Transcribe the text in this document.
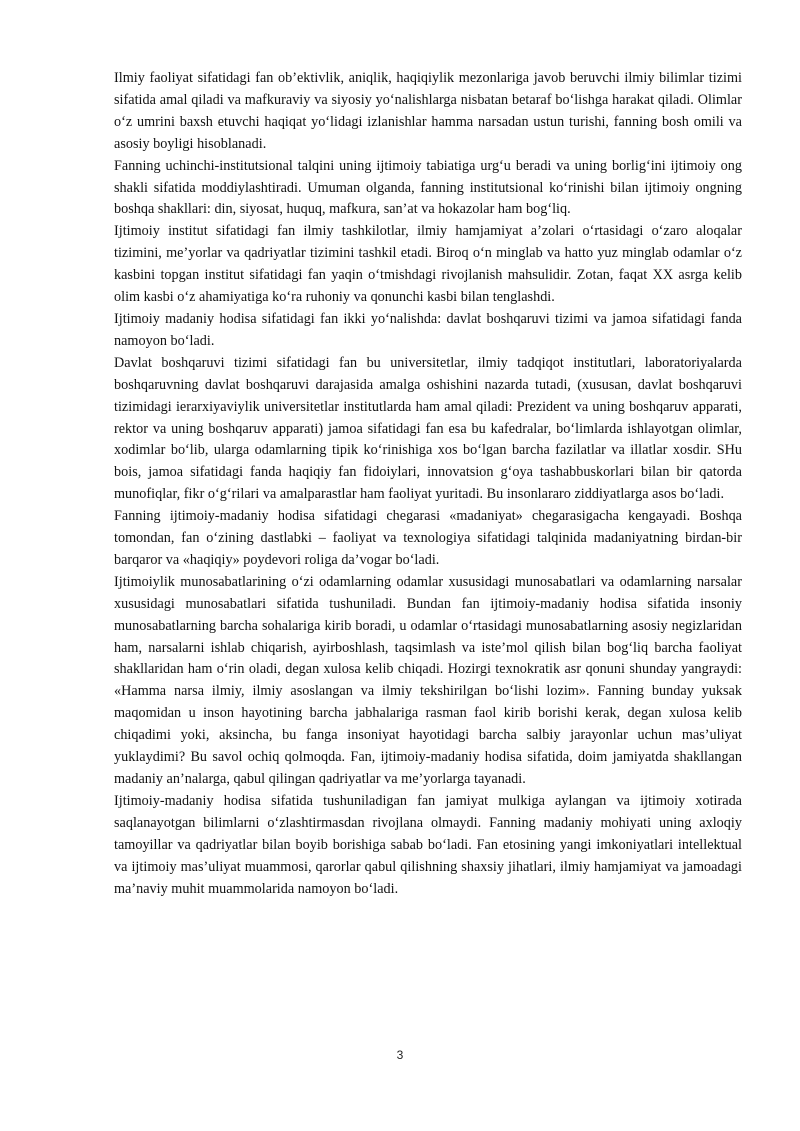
Ilmiy faoliyat sifatidagi fan ob’ektivlik, aniqlik, haqiqiylik mezonlariga javob beruvchi ilmiy bilimlar tizimi sifatida amal qiladi va mafkuraviy va siyosiy yo‘nalishlarga nisbatan betaraf bo‘lishga harakat qiladi. Olimlar o‘z umrini baxsh etuvchi haqiqat yo‘lidagi izlanishlar hamma narsadan ustun turishi, fanning bosh omili va asosiy boyligi hisoblanadi.

Fanning uchinchi-institutsional talqini uning ijtimoiy tabiatiga urg‘u beradi va uning borlig‘ini ijtimoiy ong shakli sifatida moddiylashtiradi. Umuman olganda, fanning institutsional ko‘rinishi bilan ijtimoiy ongning boshqa shakllari: din, siyosat, huquq, mafkura, san’at va hokazolar ham bog‘liq.

Ijtimoiy institut sifatidagi fan ilmiy tashkilotlar, ilmiy hamjamiyat a’zolari o‘rtasidagi o‘zaro aloqalar tizimini, me’yorlar va qadriyatlar tizimini tashkil etadi. Biroq o‘n minglab va hatto yuz minglab odamlar o‘z kasbini topgan institut sifatidagi fan yaqin o‘tmishdagi rivojlanish mahsulidir. Zotan, faqat XX asrga kelib olim kasbi o‘z ahamiyatiga ko‘ra ruhoniy va qonunchi kasbi bilan tenglashdi.

Ijtimoiy madaniy hodisa sifatidagi fan ikki yo‘nalishda: davlat boshqaruvi tizimi va jamoa sifatidagi fanda namoyon bo‘ladi.

Davlat boshqaruvi tizimi sifatidagi fan bu universitetlar, ilmiy tadqiqot institutlari, laboratoriyalarda boshqaruvning davlat boshqaruvi darajasida amalga oshishini nazarda tutadi, (xususan, davlat boshqaruvi tizimidagi ierarxiyaviylik universitetlar institutlarda ham amal qiladi: Prezident va uning boshqaruv apparati, rektor va uning boshqaruv apparati) jamoa sifatidagi fan esa bu kafedralar, bo‘limlarda ishlayotgan olimlar, xodimlar bo‘lib, ularga odamlarning tipik ko‘rinishiga xos bo‘lgan barcha fazilatlar va illatlar xosdir. SHu bois, jamoa sifatidagi fanda haqiqiy fan fidoiylari, innovatsion g‘oya tashabbuskorlari bilan bir qatorda munofiqlar, fikr o‘g‘rilari va amalparastlar ham faoliyat yuritadi. Bu insonlararo ziddiyatlarga asos bo‘ladi.

Fanning ijtimoiy-madaniy hodisa sifatidagi chegarasi «madaniyat» chegarasigacha kengayadi. Boshqa tomondan, fan o‘zining dastlabki – faoliyat va texnologiya sifatidagi talqinida madaniyatning birdan-bir barqaror va «haqiqiy» poydevori roliga da’vogar bo‘ladi.

Ijtimoiylik munosabatlarining o‘zi odamlarning odamlar xususidagi munosabatlari va odamlarning narsalar xususidagi munosabatlari sifatida tushuniladi. Bundan fan ijtimoiy-madaniy hodisa sifatida insoniy munosabatlarning barcha sohalariga kirib boradi, u odamlar o‘rtasidagi munosabatlarning asosiy negizlaridan ham, narsalarni ishlab chiqarish, ayirboshlash, taqsimlash va iste’mol qilish bilan bog‘liq barcha faoliyat shakllaridan ham o‘rin oladi, degan xulosa kelib chiqadi. Hozirgi texnokratik asr qonuni shunday yangraydi: «Hamma narsa ilmiy, ilmiy asoslangan va ilmiy tekshirilgan bo‘lishi lozim». Fanning bunday yuksak maqomidan u inson hayotining barcha jabhalariga rasman faol kirib borishi kerak, degan xulosa kelib chiqadimi yoki, aksincha, bu fanga insoniyat hayotidagi barcha salbiy jarayonlar uchun mas’uliyat yuklaydimi? Bu savol ochiq qolmoqda. Fan, ijtimoiy-madaniy hodisa sifatida, doim jamiyatda shakllangan madaniy an’nalarga, qabul qilingan qadriyatlar va me’yorlarga tayanadi.

Ijtimoiy-madaniy hodisa sifatida tushuniladigan fan jamiyat mulkiga aylangan va ijtimoiy xotirada saqlanayotgan bilimlarni o‘zlashtirmasdan rivojlana olmaydi. Fanning madaniy mohiyati uning axloqiy tamoyillar va qadriyatlar bilan boyib borishiga sabab bo‘ladi. Fan etosining yangi imkoniyatlari intellektual va ijtimoiy mas’uliyat muammosi, qarorlar qabul qilishning shaxsiy jihatlari, ilmiy hamjamiyat va jamoadagi ma’naviy muhit muammolarida namoyon bo‘ladi.

3
